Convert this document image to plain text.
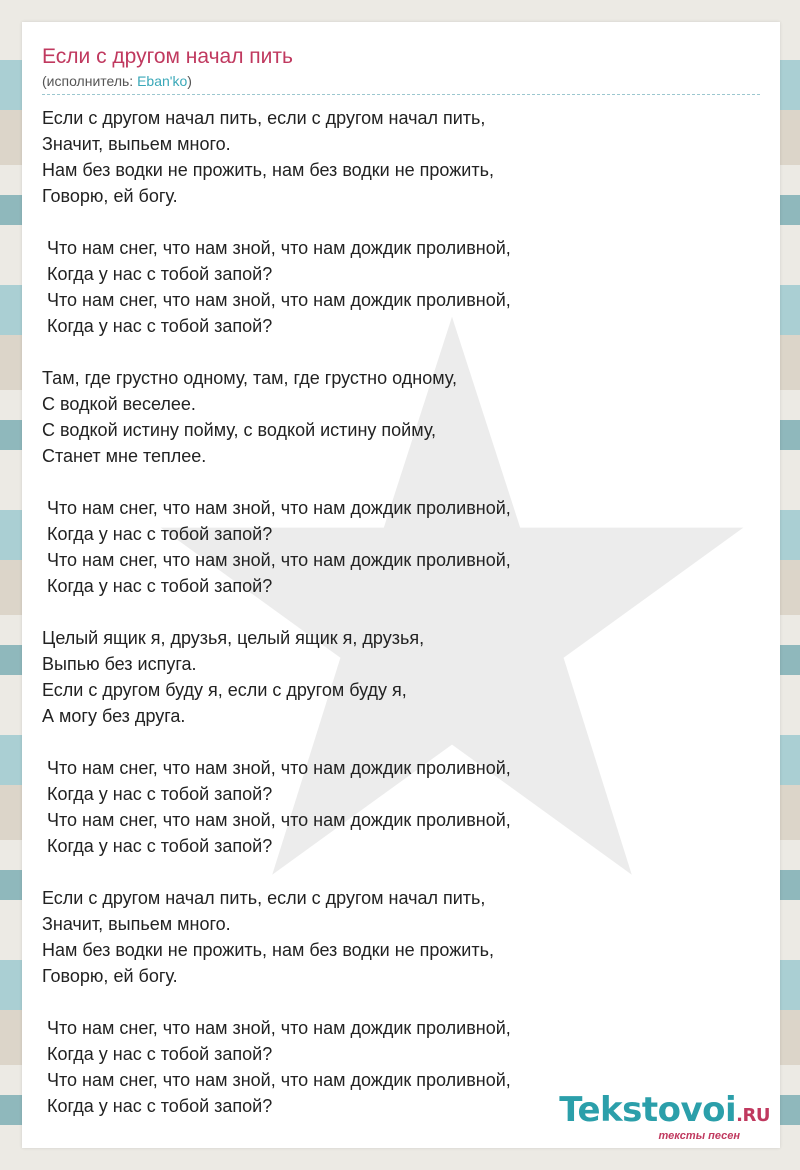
Если с другом начал пить
(исполнитель: Eban'ko)
Если с другом начал пить, если с другом начал пить,
Значит, выпьем много.
Нам без водки не прожить, нам без водки не прожить,
Говорю, ей богу.
Что нам снег, что нам зной, что нам дождик проливной,
Когда у нас с тобой запой?
Что нам снег, что нам зной, что нам дождик проливной,
Когда у нас с тобой запой?
Там, где грустно одному, там, где грустно одному,
С водкой веселее.
С водкой истину пойму, с водкой истину пойму,
Станет мне теплее.
Что нам снег, что нам зной, что нам дождик проливной,
Когда у нас с тобой запой?
Что нам снег, что нам зной, что нам дождик проливной,
Когда у нас с тобой запой?
Целый ящик я, друзья, целый ящик я, друзья,
Выпью без испуга.
Если с другом буду я, если с другом буду я,
А могу без друга.
Что нам снег, что нам зной, что нам дождик проливной,
Когда у нас с тобой запой?
Что нам снег, что нам зной, что нам дождик проливной,
Когда у нас с тобой запой?
Если с другом начал пить, если с другом начал пить,
Значит, выпьем много.
Нам без водки не прожить, нам без водки не прожить,
Говорю, ей богу.
Что нам снег, что нам зной, что нам дождик проливной,
Когда у нас с тобой запой?
Что нам снег, что нам зной, что нам дождик проливной,
Когда у нас с тобой запой?	Tekstovoi.RU
тексты песен
